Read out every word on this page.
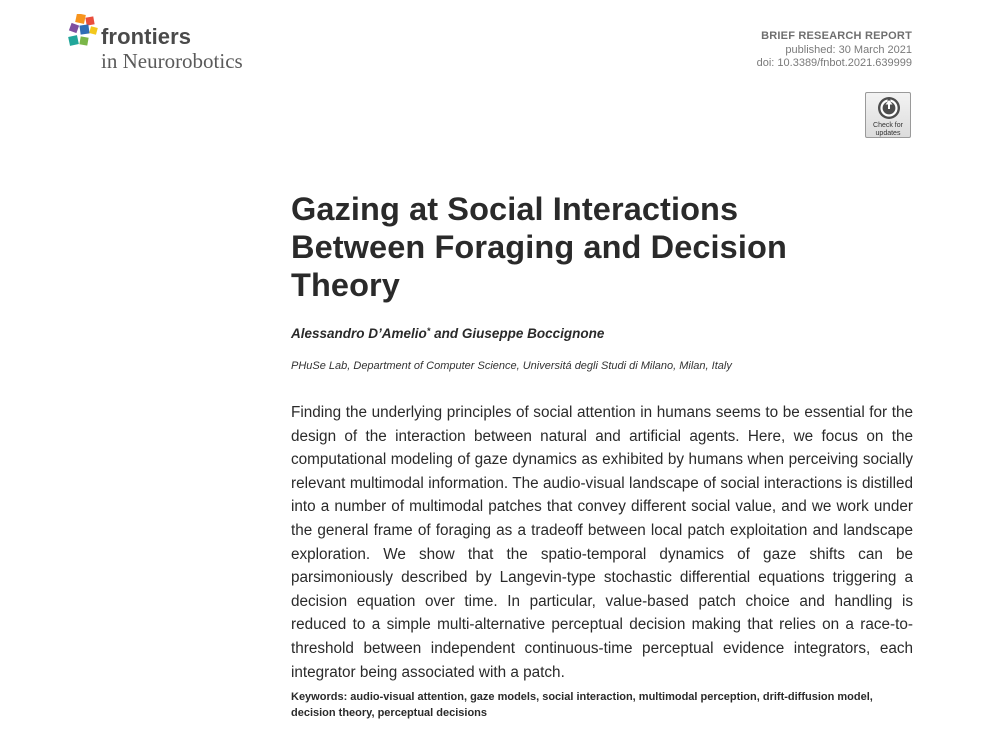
frontiers
in Neurorobotics
BRIEF RESEARCH REPORT
published: 30 March 2021
doi: 10.3389/fnbot.2021.639999
Check for
updates
Gazing at Social Interactions
Between Foraging and Decision
Theory
Alessandro D’Amelio* and Giuseppe Boccignone
PHuSe Lab, Department of Computer Science, Universitá degli Studi di Milano, Milan, Italy

Finding the underlying principles of social attention in humans seems to be essential for the design of the interaction between natural and artificial agents. Here, we focus on the computational modeling of gaze dynamics as exhibited by humans when perceiving socially relevant multimodal information. The audio-visual landscape of social interactions is distilled into a number of multimodal patches that convey different social value, and we work under the general frame of foraging as a tradeoff between local patch exploitation and landscape exploration. We show that the spatio-temporal dynamics of gaze shifts can be parsimoniously described by Langevin-type stochastic differential equations triggering a decision equation over time. In particular, value-based patch choice and handling is reduced to a simple multi-alternative perceptual decision making that relies on a race-to-threshold between independent continuous-time perceptual evidence integrators, each integrator being associated with a patch.

Keywords: audio-visual attention, gaze models, social interaction, multimodal perception, drift-diffusion model, decision theory, perceptual decisions
